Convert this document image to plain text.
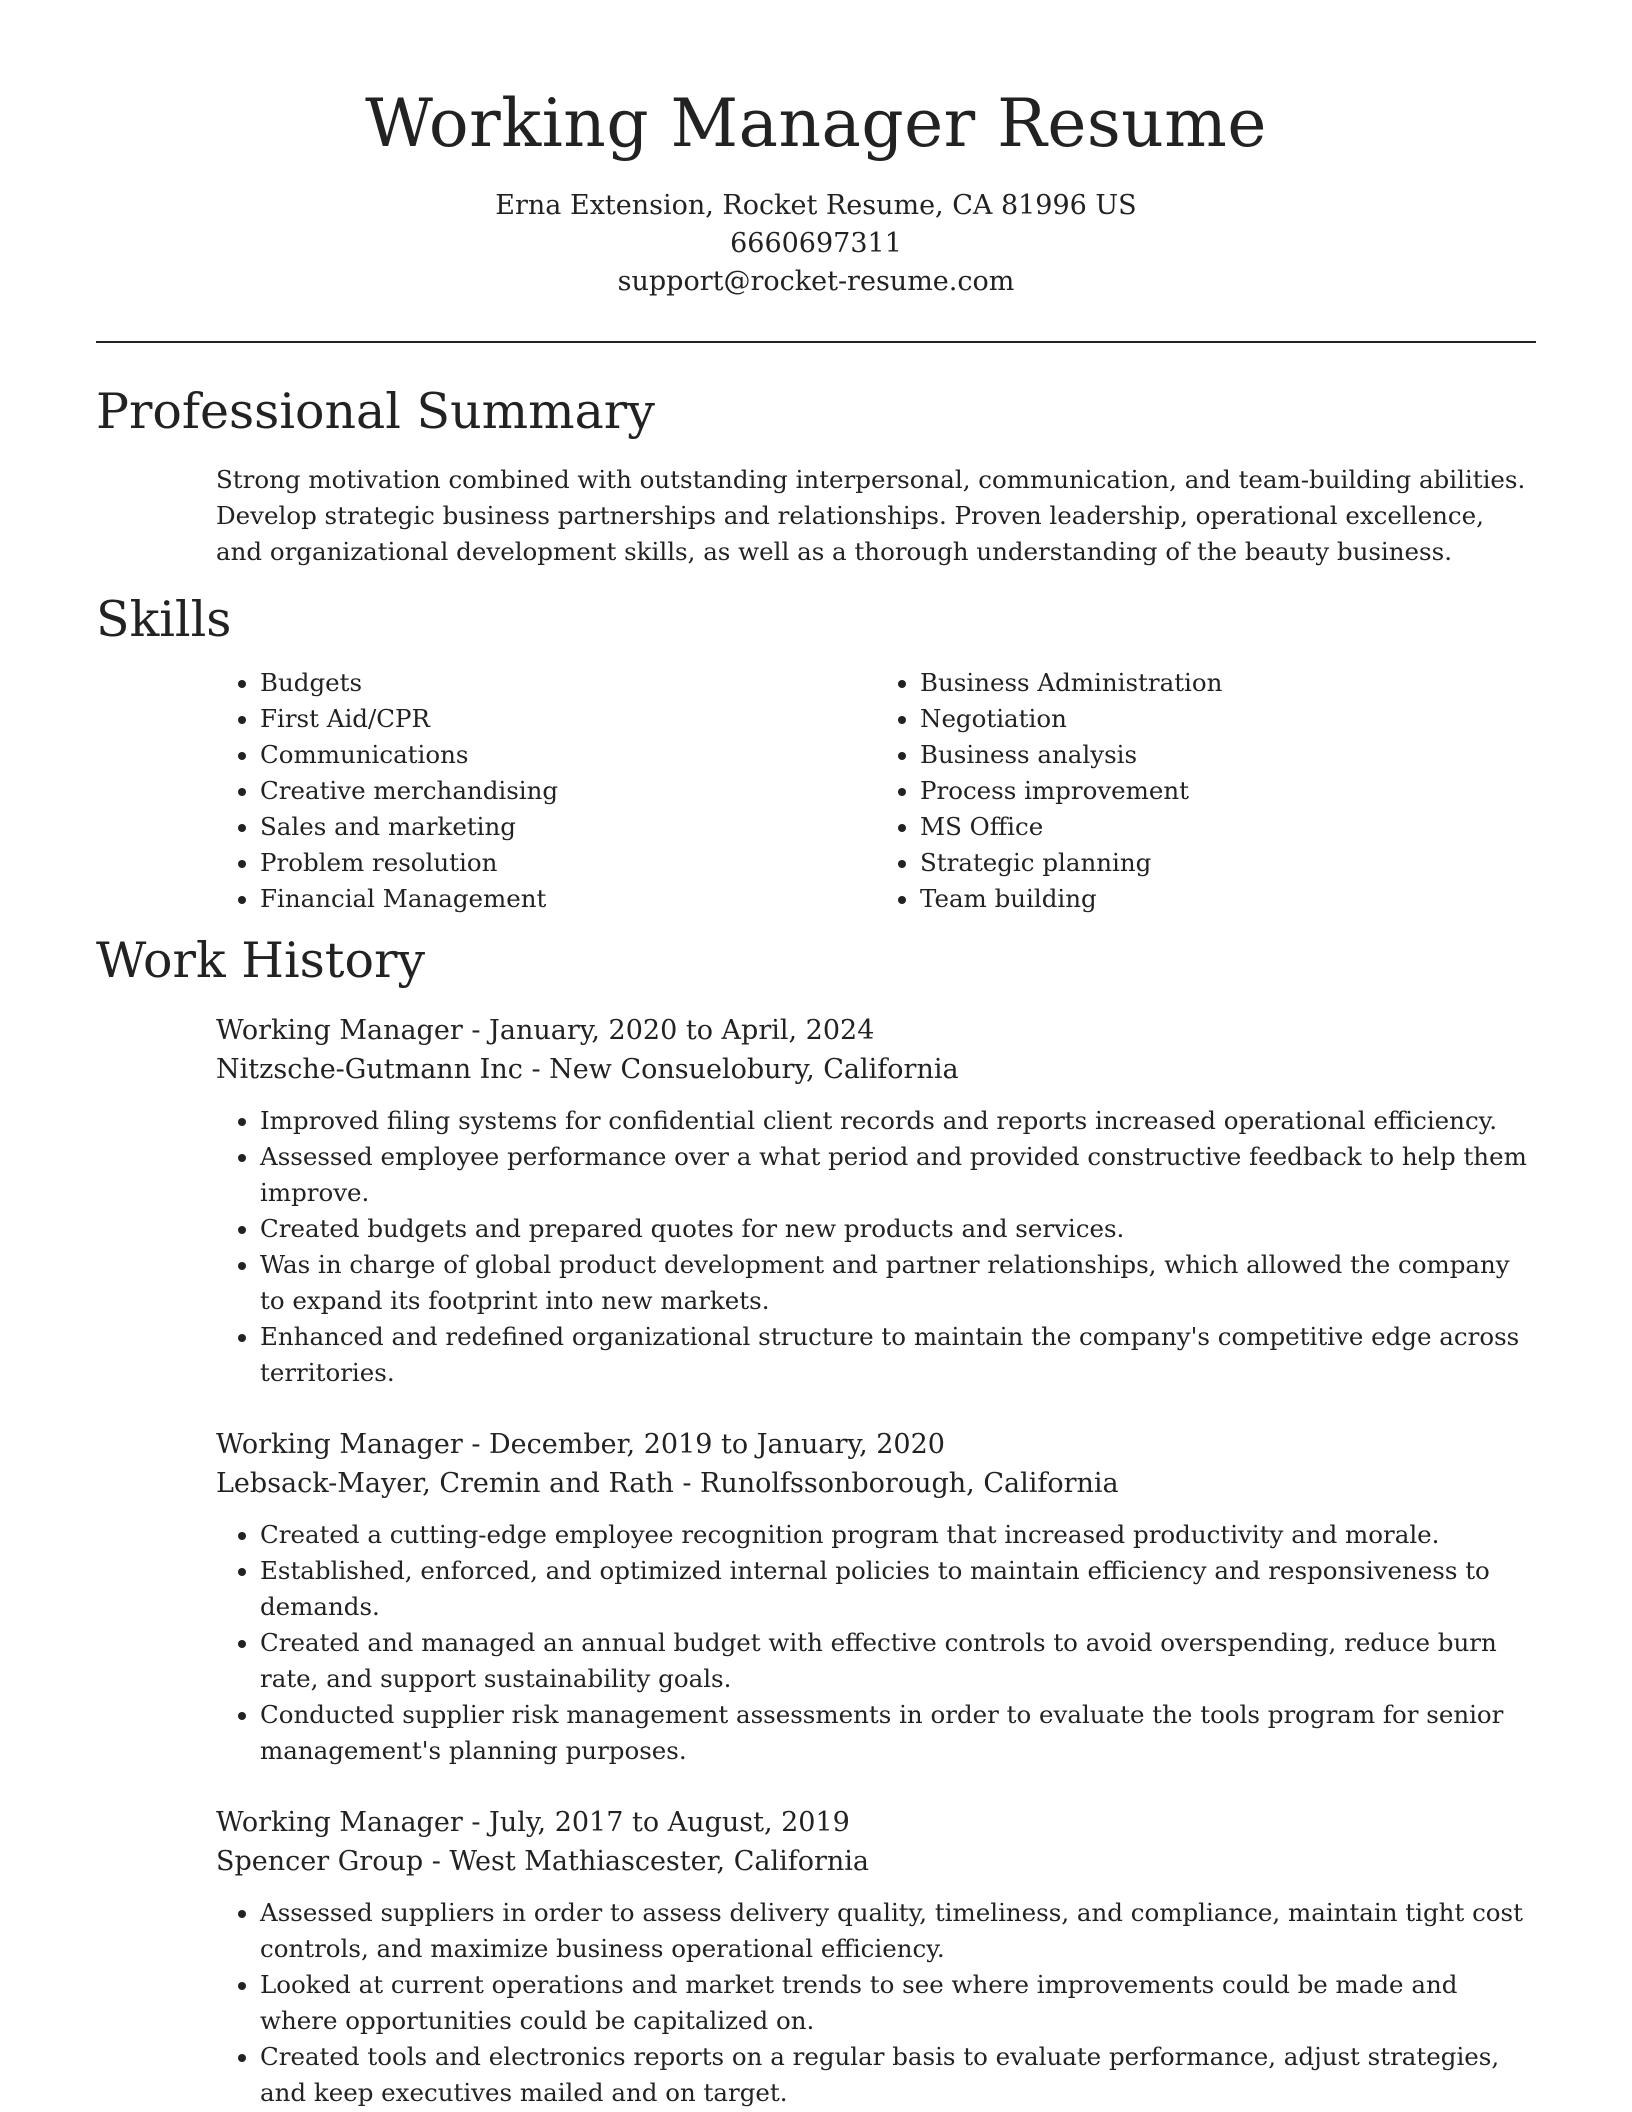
Working Manager Resume
Erna Extension, Rocket Resume, CA 81996 US
6660697311
support@rocket-resume.com
Professional Summary

Strong motivation combined with outstanding interpersonal, communication, and team-building abilities. Develop strategic business partnerships and relationships. Proven leadership, operational excellence, and organizational development skills, as well as a thorough understanding of the beauty business.

Skills
• Budgets
• First Aid/CPR
• Communications
• Creative merchandising
• Sales and marketing
• Problem resolution
• Financial Management
• Business Administration
• Negotiation
• Business analysis
• Process improvement
• MS Office
• Strategic planning
• Team building
Work History
Working Manager - January, 2020 to April, 2024
Nitzsche-Gutmann Inc - New Consuelobury, California
• Improved filing systems for confidential client records and reports increased operational efficiency.
• Assessed employee performance over a what period and provided constructive feedback to help them improve.
• Created budgets and prepared quotes for new products and services.
• Was in charge of global product development and partner relationships, which allowed the company to expand its footprint into new markets.
• Enhanced and redefined organizational structure to maintain the company's competitive edge across territories.
Working Manager - December, 2019 to January, 2020
Lebsack-Mayer, Cremin and Rath - Runolfssonborough, California
• Created a cutting-edge employee recognition program that increased productivity and morale.
• Established, enforced, and optimized internal policies to maintain efficiency and responsiveness to demands.
• Created and managed an annual budget with effective controls to avoid overspending, reduce burn rate, and support sustainability goals.
• Conducted supplier risk management assessments in order to evaluate the tools program for senior management's planning purposes.
Working Manager - July, 2017 to August, 2019
Spencer Group - West Mathiascester, California
• Assessed suppliers in order to assess delivery quality, timeliness, and compliance, maintain tight cost controls, and maximize business operational efficiency.
• Looked at current operations and market trends to see where improvements could be made and where opportunities could be capitalized on.
• Created tools and electronics reports on a regular basis to evaluate performance, adjust strategies, and keep executives mailed and on target.
